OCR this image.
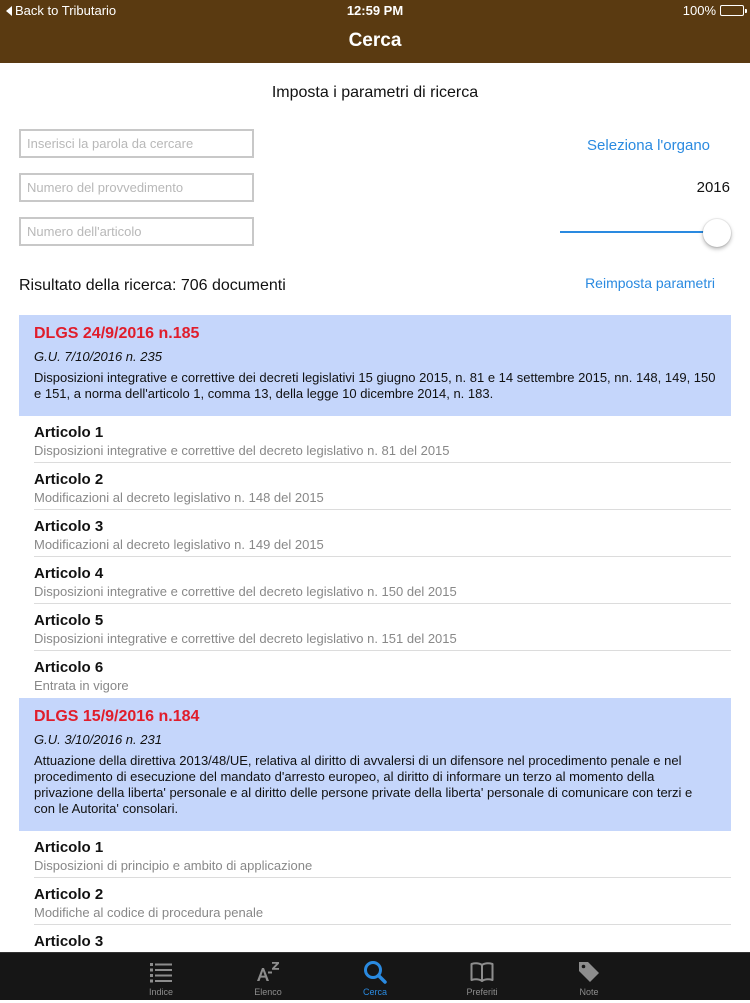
Back to Tributario	12:59 PM	100%
Cerca
Imposta i parametri di ricerca
Inserisci la parola da cercare
Numero del provvedimento
Numero dell'articolo
Seleziona l'organo
2016
Risultato della ricerca: 706 documenti	Reimposta parametri
DLGS 24/9/2016 n.185
G.U. 7/10/2016 n. 235
Disposizioni integrative e correttive dei decreti legislativi 15 giugno 2015, n. 81 e 14 settembre 2015, nn. 148, 149, 150 e 151, a norma dell'articolo 1, comma 13, della legge 10 dicembre 2014, n. 183.
Articolo 1
Disposizioni integrative e correttive del decreto legislativo n. 81 del 2015
Articolo 2
Modificazioni al decreto legislativo n. 148 del 2015
Articolo 3
Modificazioni al decreto legislativo n. 149 del 2015
Articolo 4
Disposizioni integrative e correttive del decreto legislativo n. 150 del 2015
Articolo 5
Disposizioni integrative e correttive del decreto legislativo n. 151 del 2015
Articolo 6
Entrata in vigore
DLGS 15/9/2016 n.184
G.U. 3/10/2016 n. 231
Attuazione della direttiva 2013/48/UE, relativa al diritto di avvalersi di un difensore nel procedimento penale e nel procedimento di esecuzione del mandato d'arresto europeo, al diritto di informare un terzo al momento della privazione della liberta' personale e al diritto delle persone private della liberta' personale di comunicare con terzi e con le Autorita' consolari.
Articolo 1
Disposizioni di principio e ambito di applicazione
Articolo 2
Modifiche al codice di procedura penale
Articolo 3
Indice	Elenco	Cerca	Preferiti	Note
